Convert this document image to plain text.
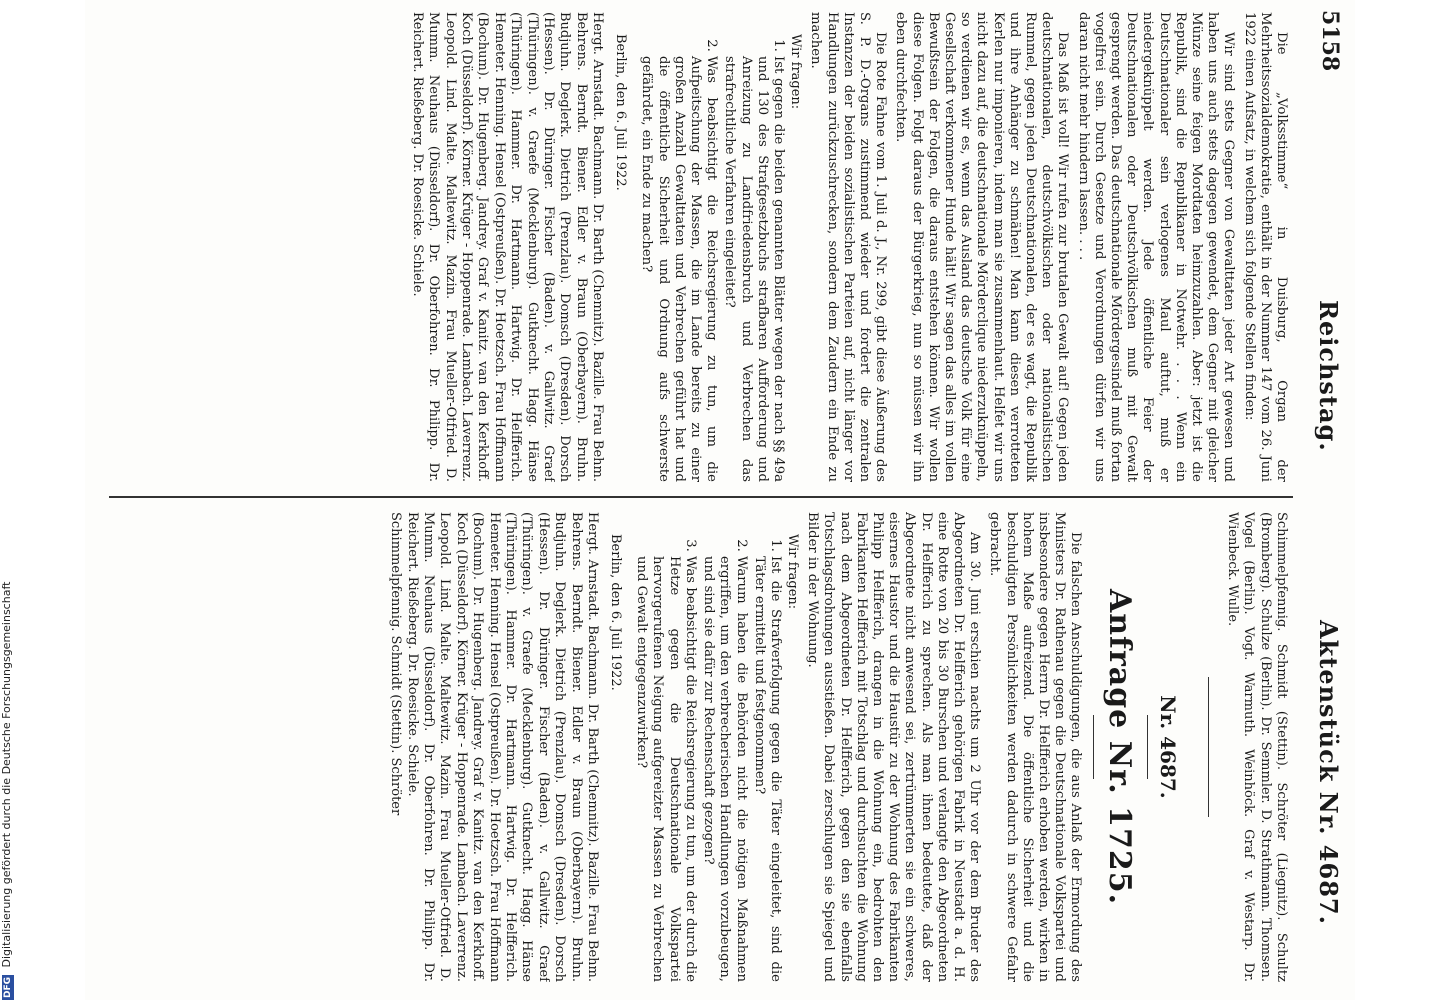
5158
Reichstag.
Aktenstück Nr. 4687.

Die „Volksstimme“ in Duisburg, Organ der Mehrheitssozialdemokratie, enthält in der Nummer 147 vom 26. Juni 1922 einen Aufsatz, in welchem sich folgende Stellen finden:

Wir sind stets Gegner von Gewalttaten jeder Art gewesen und haben uns auch stets dagegen gewendet, dem Gegner mit gleicher Münze seine feigen Mordtaten heimzuzahlen. Aber: jetzt ist die Republik, sind die Republikaner in Notwehr. . . . Wenn ein Deutschnationaler sein verlogenes Maul auftut, muß er niedergeknüppelt werden. Jede öffentliche Feier der Deutschnationalen oder Deutschvölkischen muß mit Gewalt gesprengt werden. Das deutschnationale Mördergesindel muß fortan vogelfrei sein. Durch Gesetze und Verordnungen dürfen wir uns daran nicht mehr hindern lassen. . . .

Das Maß ist voll! Wir rufen zur brutalen Gewalt auf! Gegen jeden deutschnationalen, deutschvölkischen oder nationalistischen Rummel, gegen jeden Deutschnationalen, der es wagt, die Republik und ihre Anhänger zu schmähen! Man kann diesen verrotteten Kerlen nur imponieren, indem man sie zusammenhaut. Helfet wir uns nicht dazu auf, die deutschnationale Mörderclique niederzuknüppeln, so verdienen wir es, wenn das Ausland das deutsche Volk für eine Gesellschaft verkommener Hunde hält! Wir sagen das alles im vollen Bewußtsein der Folgen, die daraus entstehen können. Wir wollen diese Folgen. Folgt daraus der Bürgerkrieg, nun so müssen wir ihn eben durchfechten.

Die Rote Fahne vom 1. Juli d. J., Nr. 299, gibt diese Äußerung des S. P. D.-Organs zustimmend wieder und fordert die zentralen Instanzen der beiden sozialistischen Parteien auf, nicht länger vor Handlungen zurückzuschrecken, sondern dem Zaudern ein Ende zu machen.

Wir fragen:
1. Ist gegen die beiden genannten Blätter wegen der nach §§ 49a und 130 des Strafgesetzbuchs strafbaren Aufforderung und Anreizung zu Landfriedensbruch und Verbrechen das strafrechtliche Verfahren eingeleitet?
2. Was beabsichtigt die Reichsregierung zu tun, um die Aufpeitschung der Massen, die im Lande bereits zu einer großen Anzahl Gewalttaten und Verbrechen geführt hat und die öffentliche Sicherheit und Ordnung aufs schwerste gefährdet, ein Ende zu machen?
Berlin, den 6. Juli 1922.
Hergt. Arnstadt. Bachmann. Dr. Barth (Chemnitz). Bazille. Frau Behm. Behrens. Berndt. Biener. Edler v. Braun (Oberbayern). Bruhn. Budjuhn. Deglerk. Dietrich (Prenzlau). Domsch (Dresden). Dorsch (Hessen). Dr. Düringer. Fischer (Baden). v. Gallwitz. Graef (Thüringen). v. Graefe (Mecklenburg). Gutknecht. Hagg. Hänse (Thüringen). Hammer. Dr. Hartmann. Hartwig. Dr. Helfferich. Hemeter. Henning. Hensel (Ostpreußen). Dr. Hoetzsch. Frau Hoffmann (Bochum). Dr. Hugenberg. Jandrey. Graf v. Kanitz. van den Kerkhoff. Koch (Düsseldorf). Körner. Krüger - Hoppenrade. Lambach. Laverrenz. Leopold. Lind. Malte. Maltewitz. Mazin. Frau Mueller-Otfried. D. Mumm. Neuhaus (Düsseldorf). Dr. Oberfohren. Dr. Philipp. Dr. Reichert. Rießeberg. Dr. Roesicke. Schiele.
Schimmelpfennig. Schmidt (Stettin). Schröter (Liegnitz). Schultz (Bromberg). Schulze (Berlin). Dr. Semmler. D. Strathmann. Thomsen. Vogel (Berlin). Vogt. Warmuth. Weinhöck. Graf v. Westarp. Dr. Wienbeck. Wulle.
Nr. 4687.
Anfrage Nr. 1725.

Die falschen Anschuldigungen, die aus Anlaß der Ermordung des Ministers Dr. Rathenau gegen die Deutschnationale Volkspartei und insbesondere gegen Herrn Dr. Helfferich erhoben werden, wirken in hohem Maße aufreizend. Die öffentliche Sicherheit und die beschuldigten Persönlichkeiten werden dadurch in schwere Gefahr gebracht.

Am 30. Juni erschien nachts um 2 Uhr vor der dem Bruder des Abgeordneten Dr. Helfferich gehörigen Fabrik in Neustadt a. d. H. eine Rotte von 20 bis 30 Burschen und verlangte den Abgeordneten Dr. Helfferich zu sprechen. Als man ihnen bedeutete, daß der Abgeordnete nicht anwesend sei, zertrümmerten sie ein schweres, eisernes Haustor und die Haustür zu der Wohnung des Fabrikanten Philipp Helfferich, drangen in die Wohnung ein, bedrohten den Fabrikanten Helfferich mit Totschlag und durchsuchten die Wohnung nach dem Abgeordneten Dr. Helfferich, gegen den sie ebenfalls Totschlagsdrohungen ausstießen. Dabei zerschlugen sie Spiegel und Bilder in der Wohnung.

Wir fragen:
1. Ist die Strafverfolgung gegen die Täter eingeleitet, sind die Täter ermittelt und festgenommen?
2. Warum haben die Behörden nicht die nötigen Maßnahmen ergriffen, um den verbrecherischen Handlungen vorzubeugen, und sind sie dafür zur Rechenschaft gezogen?
3. Was beabsichtigt die Reichsregierung zu tun, um der durch die Hetze gegen die Deutschnationale Volkspartei hervorgerufenen Neigung aufgereizter Massen zu Verbrechen und Gewalt entgegenzuwirken?
Berlin, den 6. Juli 1922.
Hergt. Arnstadt. Bachmann. Dr. Barth (Chemnitz). Bazille. Frau Behm. Behrens. Berndt. Biener. Edler v. Braun (Oberbayern). Bruhn. Budjuhn. Deglerk. Dietrich (Prenzlau). Domsch (Dresden). Dorsch (Hessen). Dr. Düringer. Fischer (Baden). v. Gallwitz. Graef (Thüringen). v. Graefe (Mecklenburg). Gutknecht. Hagg. Hänse (Thüringen). Hammer. Dr. Hartmann. Hartwig. Dr. Helfferich. Hemeter. Henning. Hensel (Ostpreußen). Dr. Hoetzsch. Frau Hoffmann (Bochum). Dr. Hugenberg. Jandrey. Graf v. Kanitz. van den Kerkhoff. Koch (Düsseldorf). Körner. Krüger - Hoppenrade. Lambach. Laverrenz. Leopold. Lind. Malte. Maltewitz. Mazin. Frau Mueller-Otfried. D. Mumm. Neuhaus (Düsseldorf). Dr. Oberfohren. Dr. Philipp. Dr. Reichert. Rießeberg. Dr. Roesicke. Schiele.
Schimmelpfennig. Schmidt (Stettin). Schröter
DFG Digitalisierung gefördert durch die Deutsche Forschungsgemeinschaft
